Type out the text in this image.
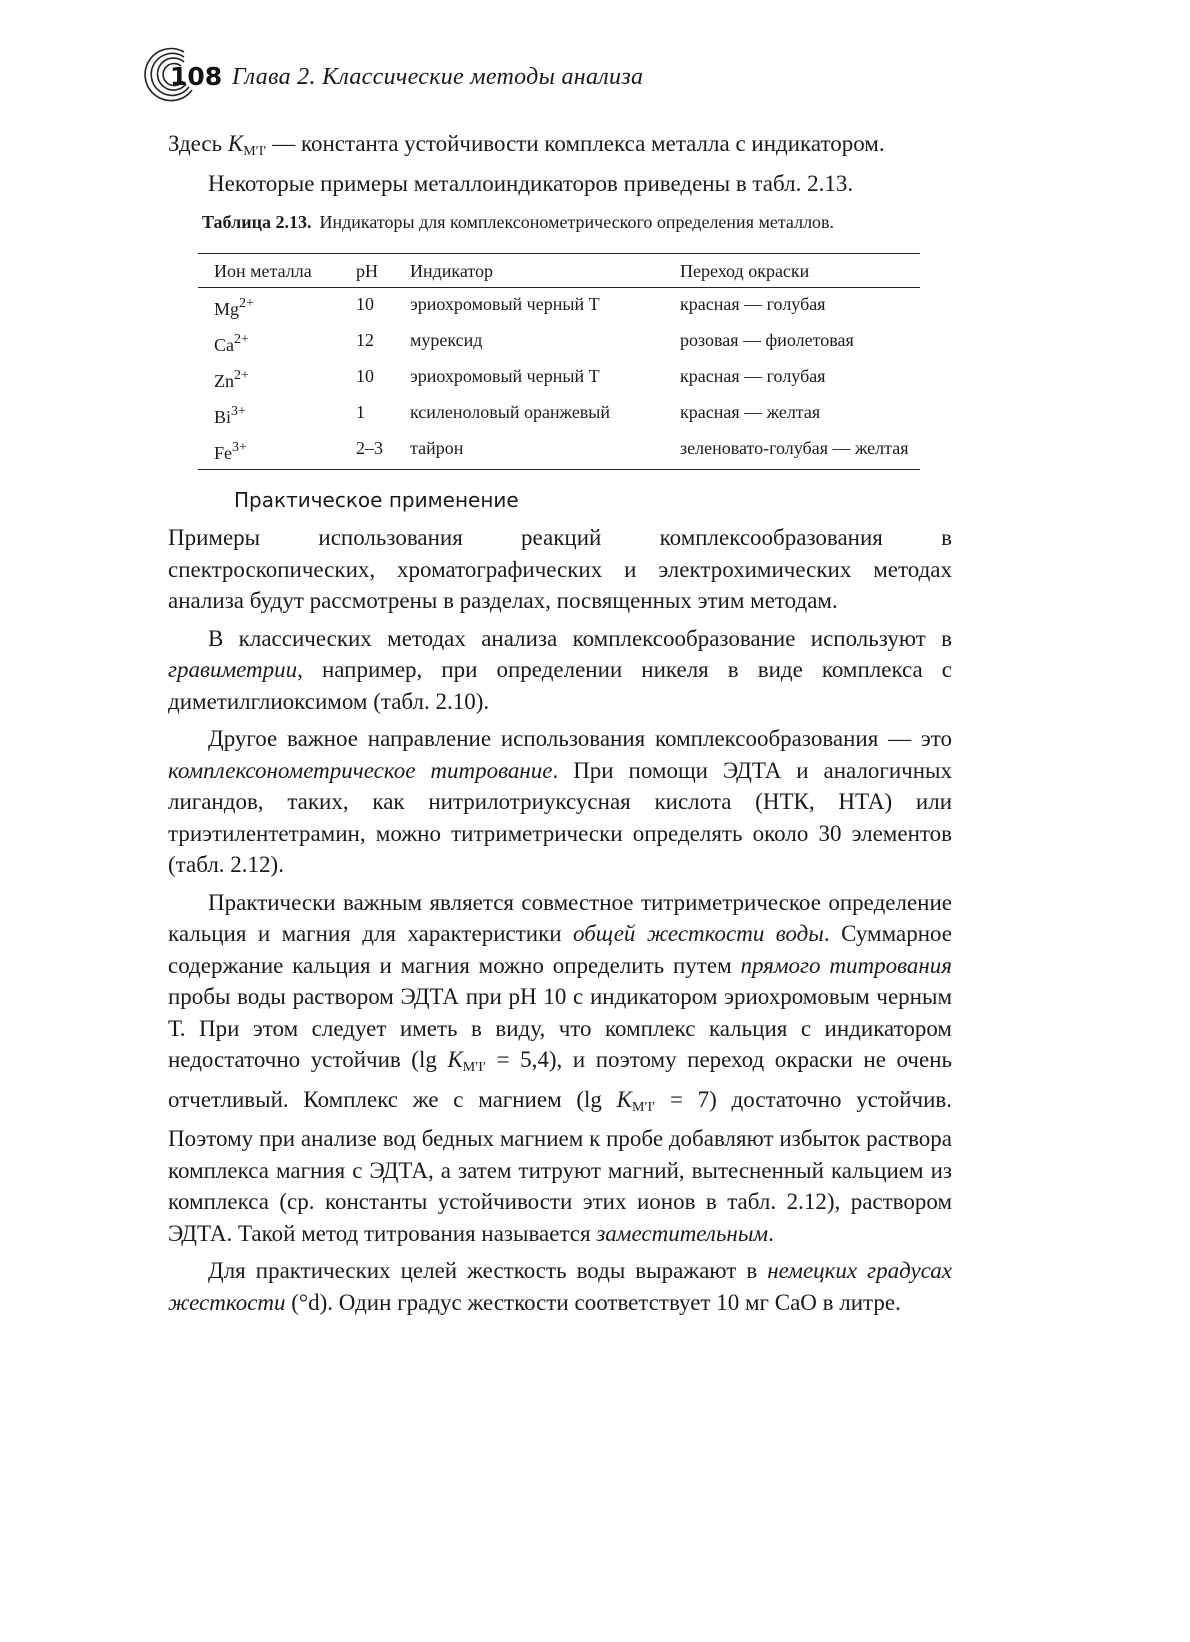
108 Глава 2. Классические методы анализа

Здесь $K_{M'I'}$ — константа устойчивости комплекса металла с индикатором.

Некоторые примеры металлоиндикаторов приведены в табл. 2.13.

Таблица 2.13. Индикаторы для комплексонометрического определения металлов.
Ион металла	pH	Индикатор	Переход окраски
$Mg^{2+}$	10	эриохромовый черный Т	красная — голубая
$Ca^{2+}$	12	мурексид	розовая — фиолетовая
$Zn^{2+}$	10	эриохромовый черный Т	красная — голубая
$Bi^{3+}$	1	ксиленоловый оранжевый	красная — желтая
$Fe^{3+}$	2–3	тайрон	зеленовато-голубая — желтая
Практическое применение

Примеры использования реакций комплексообразования в спектроскопических, хроматографических и электрохимических методах анализа будут рассмотрены в разделах, посвященных этим методам.

В классических методах анализа комплексообразование используют в гравиметрии, например, при определении никеля в виде комплекса с диметилглиоксимом (табл. 2.10).

Другое важное направление использования комплексообразования — это комплексонометрическое титрование. При помощи ЭДТА и аналогичных лигандов, таких, как нитрилотриуксусная кислота (НТК, НТА) или триэтилентетрамин, можно титриметрически определять около 30 элементов (табл. 2.12).

Практически важным является совместное титриметрическое определение кальция и магния для характеристики общей жесткости воды. Суммарное содержание кальция и магния можно определить путем прямого титрования пробы воды раствором ЭДТА при pH 10 с индикатором эриохромовым черным Т. При этом следует иметь в виду, что комплекс кальция с индикатором недостаточно устойчив (lg $K_{M'I'} = 5,4$), и поэтому переход окраски не очень отчетливый. Комплекс же с магнием (lg $K_{M'I'} = 7$) достаточно устойчив. Поэтому при анализе вод бедных магнием к пробе добавляют избыток раствора комплекса магния с ЭДТА, а затем титруют магний, вытесненный кальцием из комплекса (ср. константы устойчивости этих ионов в табл. 2.12), раствором ЭДТА. Такой метод титрования называется заместительным.

Для практических целей жесткость воды выражают в немецких градусах жесткости (°d). Один градус жесткости соответствует 10 мг CaO в литре.
